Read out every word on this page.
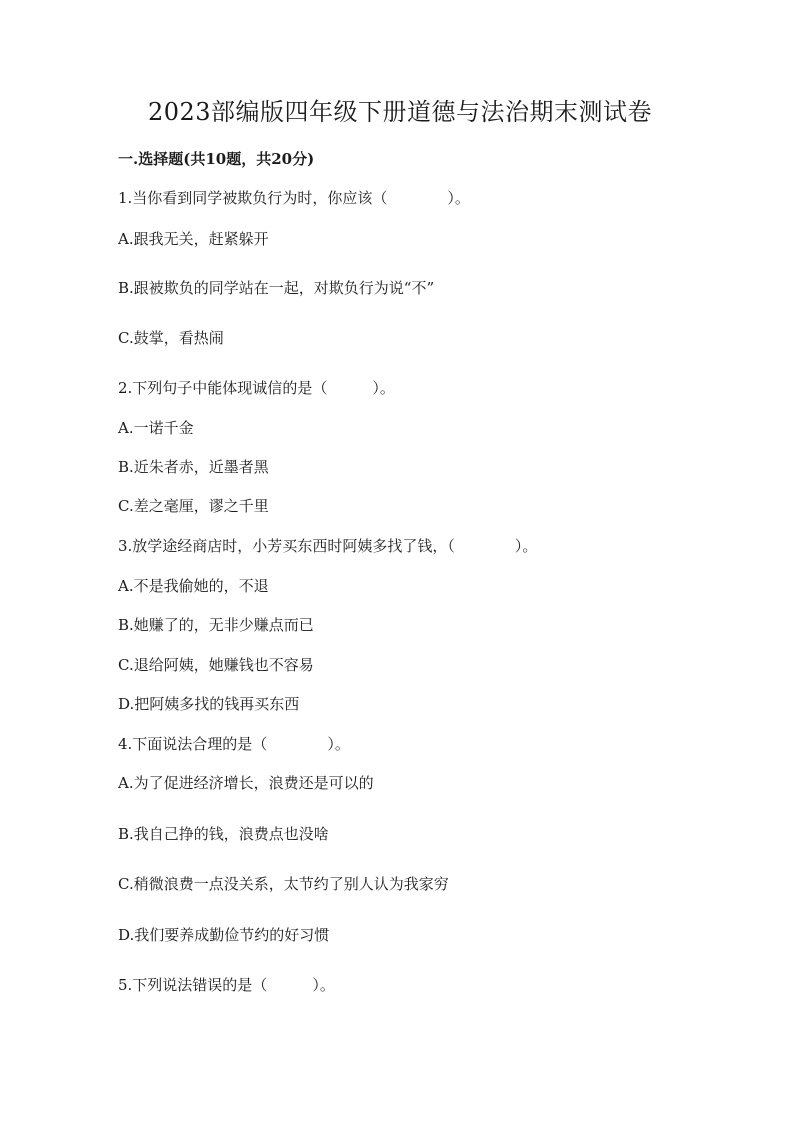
2023部编版四年级下册道德与法治期末测试卷
一.选择题(共10题，共20分)
1.当你看到同学被欺负行为时，你应该（　　　　）。
A.跟我无关，赶紧躲开
B.跟被欺负的同学站在一起，对欺负行为说“不”
C.鼓掌，看热闹
2.下列句子中能体现诚信的是（　　　）。
A.一诺千金
B.近朱者赤，近墨者黑
C.差之毫厘，谬之千里
3.放学途经商店时，小芳买东西时阿姨多找了钱，（　　　　）。
A.不是我偷她的，不退
B.她赚了的，无非少赚点而已
C.退给阿姨，她赚钱也不容易
D.把阿姨多找的钱再买东西
4.下面说法合理的是（　　　　）。
A.为了促进经济增长，浪费还是可以的
B.我自己挣的钱，浪费点也没啥
C.稍微浪费一点没关系，太节约了别人认为我家穷
D.我们要养成勤俭节约的好习惯
5.下列说法错误的是（　　　）。
